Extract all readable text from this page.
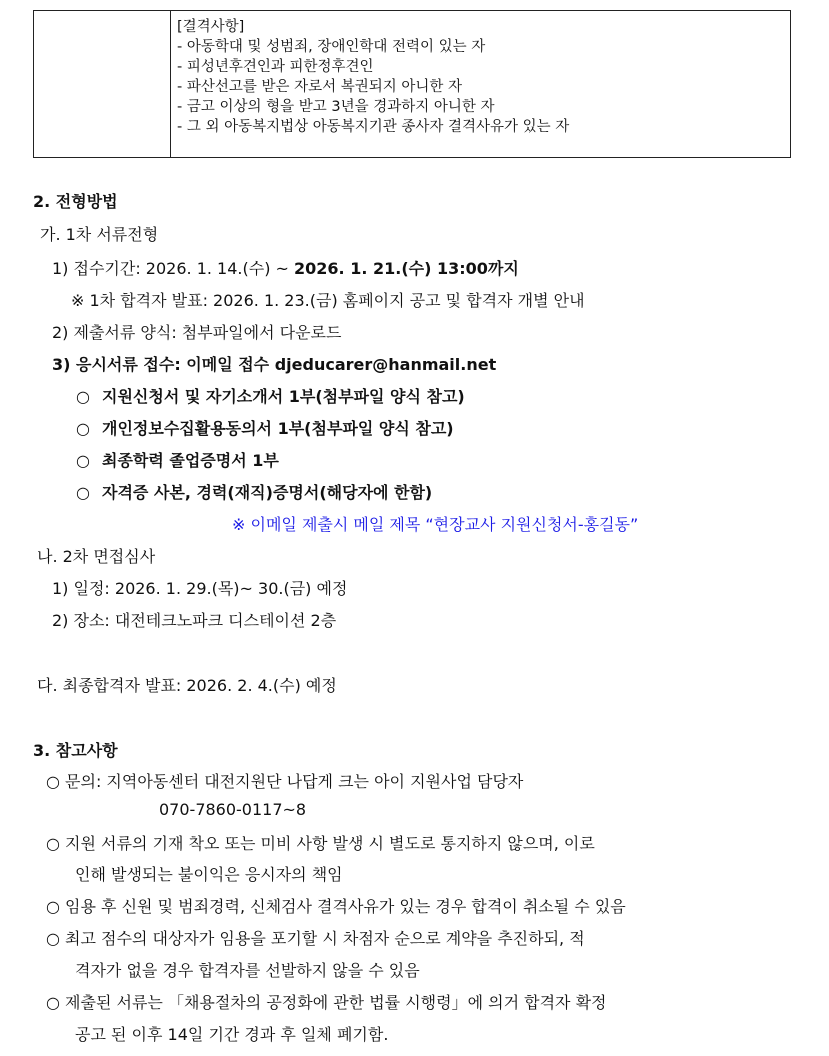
[결격사항]
- 아동학대 및 성범죄, 장애인학대 전력이 있는 자
- 피성년후견인과 피한정후견인
- 파산선고를 받은 자로서 복권되지 아니한 자
- 금고 이상의 형을 받고 3년을 경과하지 아니한 자
- 그 외 아동복지법상 아동복지기관 종사자 결격사유가 있는 자
2. 전형방법
가. 1차 서류전형
1) 접수기간: 2026. 1. 14.(수) ~ 2026. 1. 21.(수) 13:00까지
※ 1차 합격자 발표: 2026. 1. 23.(금) 홈페이지 공고 및 합격자 개별 안내
2) 제출서류 양식: 첨부파일에서 다운로드
3) 응시서류 접수: 이메일 접수 djeducarer@hanmail.net
○ 지원신청서 및 자기소개서 1부(첨부파일 양식 참고)
○ 개인정보수집활용동의서 1부(첨부파일 양식 참고)
○ 최종학력 졸업증명서 1부
○ 자격증 사본, 경력(재직)증명서(해당자에 한함)
※ 이메일 제출시 메일 제목 “현장교사 지원신청서-홍길동”
나. 2차 면접심사
1) 일정: 2026. 1. 29.(목)~ 30.(금) 예정
2) 장소: 대전테크노파크 디스테이션 2층
다. 최종합격자 발표: 2026. 2. 4.(수) 예정
3. 참고사항
○ 문의: 지역아동센터 대전지원단 나답게 크는 아이 지원사업 담당자
070-7860-0117~8
○ 지원 서류의 기재 착오 또는 미비 사항 발생 시 별도로 통지하지 않으며, 이로
인해 발생되는 불이익은 응시자의 책임
○ 임용 후 신원 및 범죄경력, 신체검사 결격사유가 있는 경우 합격이 취소될 수 있음
○ 최고 점수의 대상자가 임용을 포기할 시 차점자 순으로 계약을 추진하되, 적
격자가 없을 경우 합격자를 선발하지 않을 수 있음
○ 제출된 서류는 「채용절차의 공정화에 관한 법률 시행령」에 의거 합격자 확정
공고 된 이후 14일 기간 경과 후 일체 폐기함.
